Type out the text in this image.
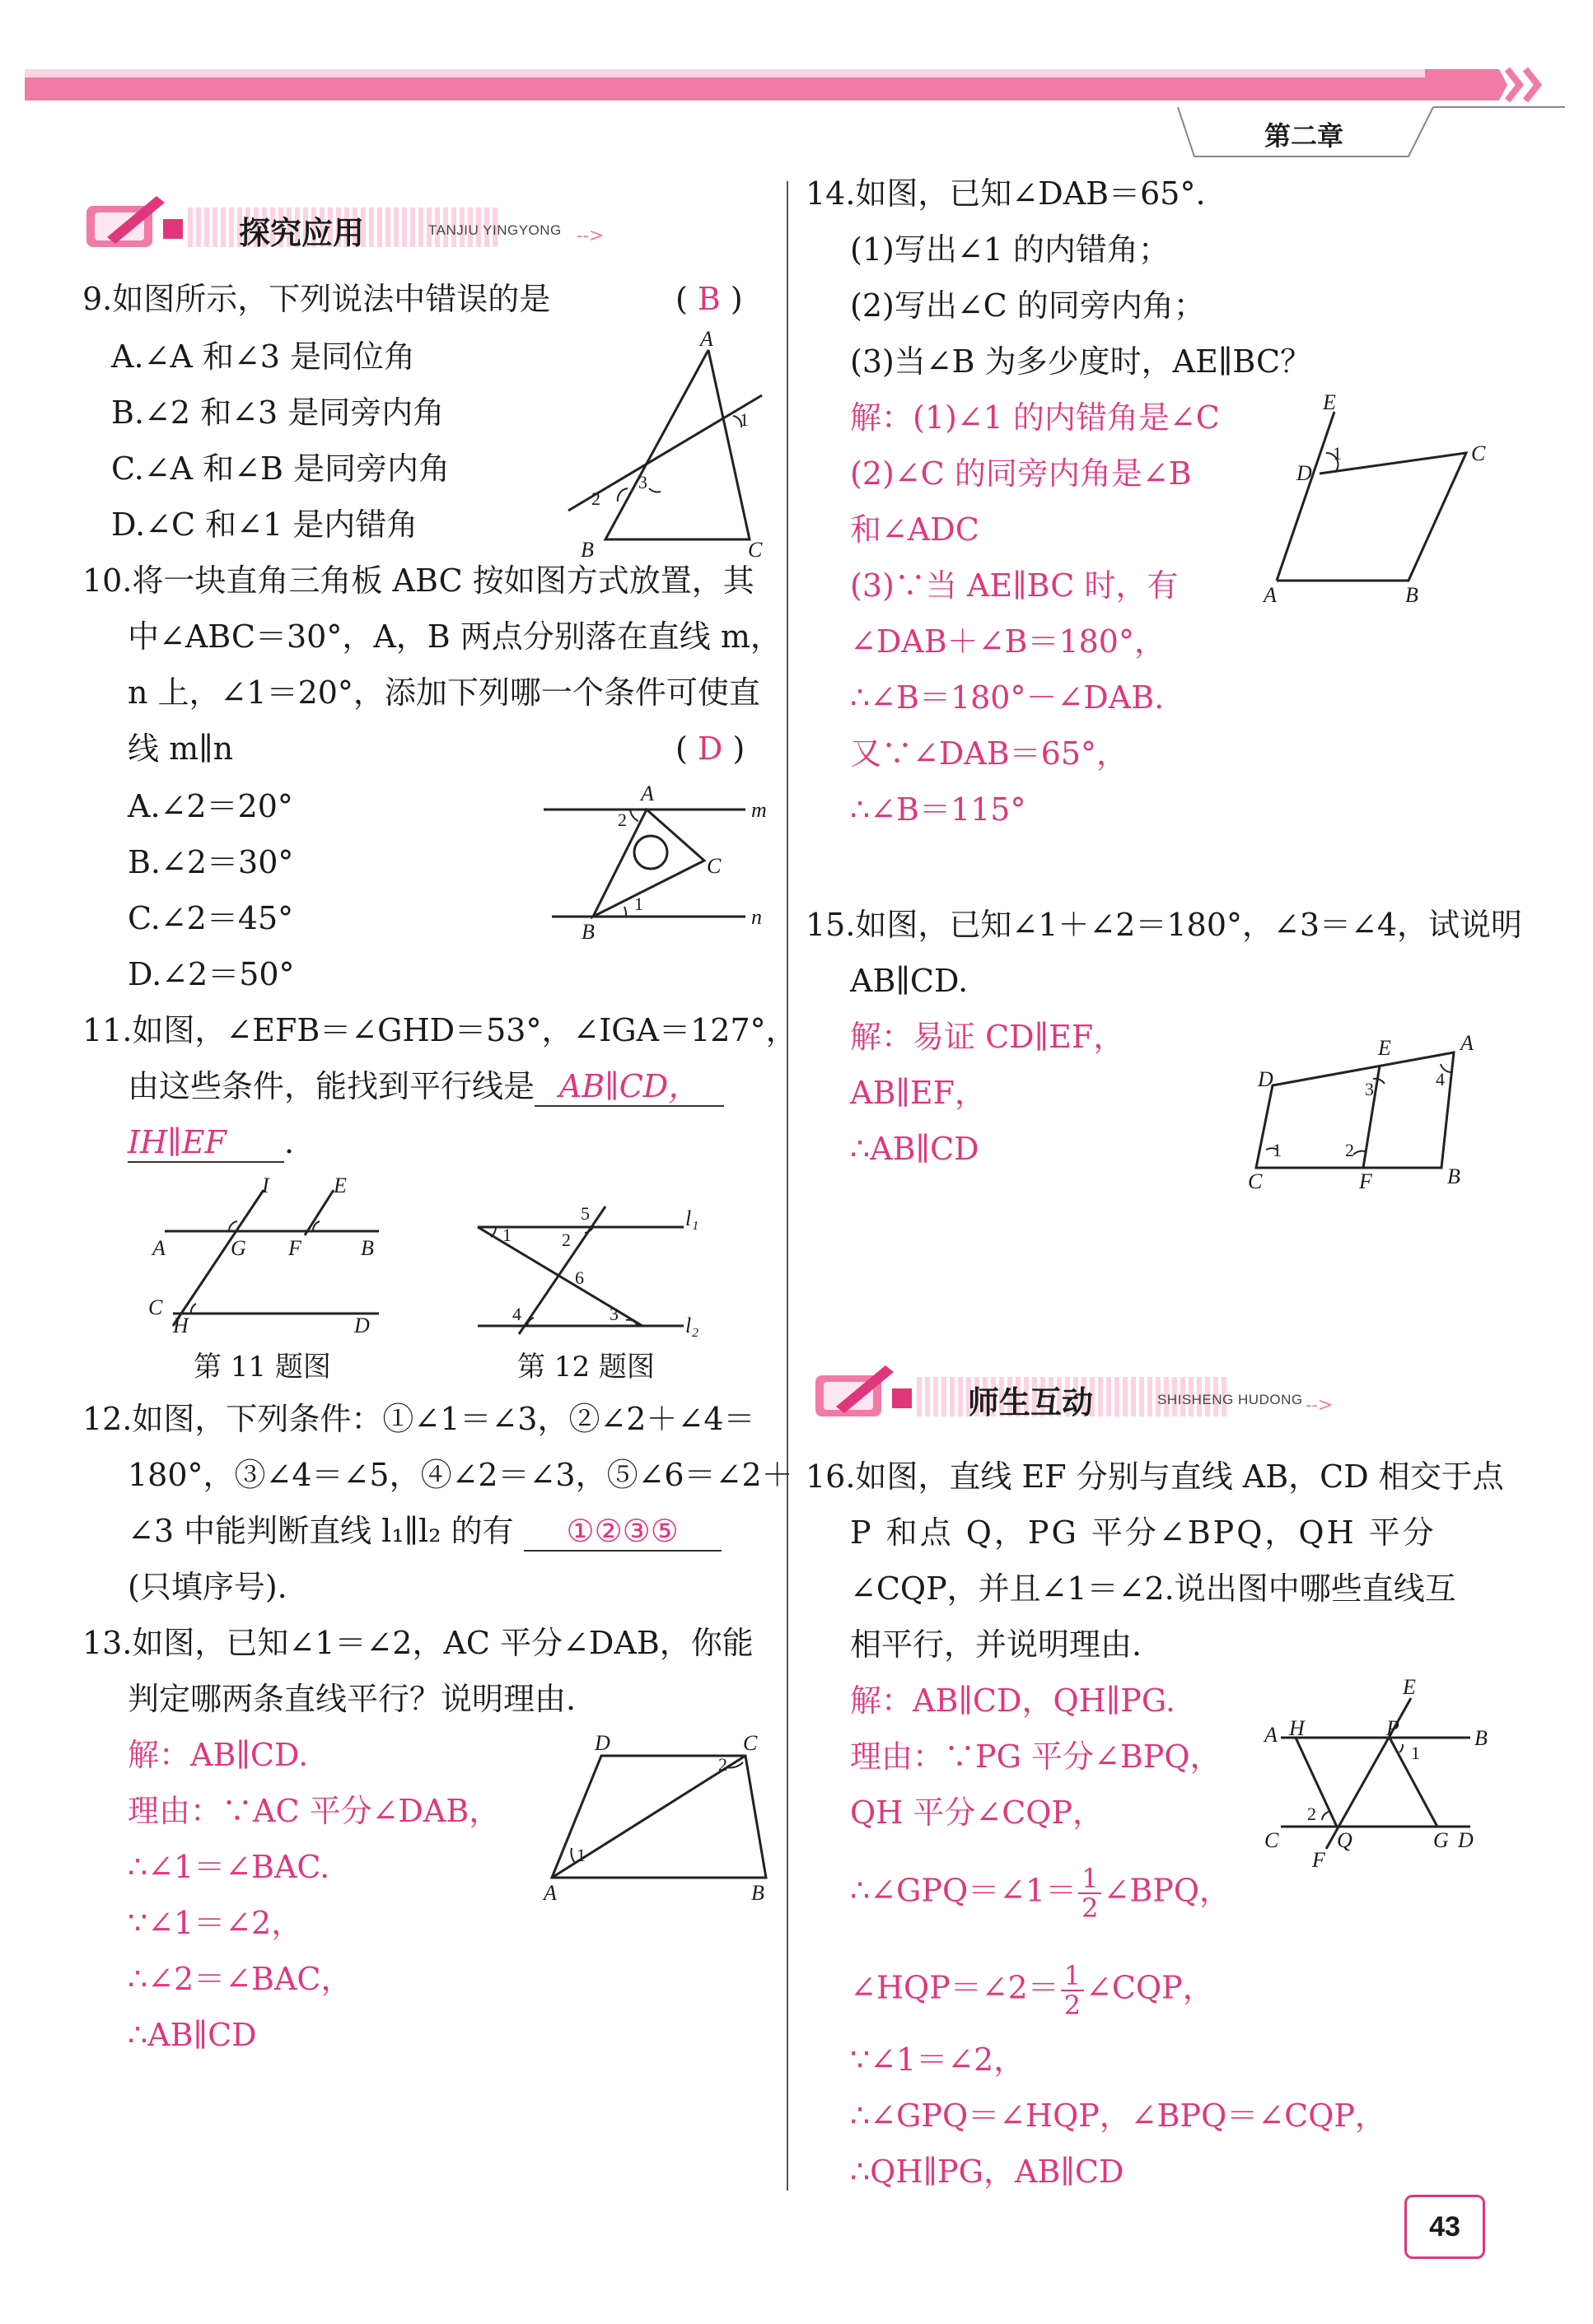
第二章
探究应用	TANJIU YINGYONG -->
9.如图所示，下列说法中错误的是	( B )
A.∠A 和∠3 是同位角
B.∠2 和∠3 是同旁内角
C.∠A 和∠B 是同旁内角
D.∠C 和∠1 是内错角
A
B	C
1
2
3
10.将一块直角三角板 ABC 按如图方式放置，其
中∠ABC＝30°，A，B 两点分别落在直线 m，
n 上，∠1＝20°，添加下列哪一个条件可使直
线 m∥n	( D )
A.∠2＝20°
B.∠2＝30°
C.∠2＝45°
D.∠2＝50°
A
B
C
m
n
1
2
11.如图，∠EFB＝∠GHD＝53°，∠IGA＝127°，
由这些条件，能找到平行线是 AB∥CD，
IH∥EF .
I	E
A	G F	B
C
H	D
第 11 题图
l₁
l₂
1	2
3
4
5
6
第 12 题图
12.如图，下列条件：①∠1＝∠3，②∠2＋∠4＝
180°，③∠4＝∠5，④∠2＝∠3，⑤∠6＝∠2＋
∠3 中能判断直线 l₁∥l₂ 的有 ①②③⑤
(只填序号).
13.如图，已知∠1＝∠2，AC 平分∠DAB，你能
判定哪两条直线平行？说明理由.
解：AB∥CD.
理由：∵AC 平分∠DAB，
∴∠1＝∠BAC.
∵∠1＝∠2，
∴∠2＝∠BAC，
∴AB∥CD
D	C
A	B
1
2
14.如图，已知∠DAB＝65°.
(1)写出∠1 的内错角；
(2)写出∠C 的同旁内角；
(3)当∠B 为多少度时，AE∥BC？
解：(1)∠1 的内错角是∠C
(2)∠C 的同旁内角是∠B
和∠ADC
(3)∵当 AE∥BC 时，有
∠DAB＋∠B＝180°，
∴∠B＝180°－∠DAB.
又∵∠DAB＝65°，
∴∠B＝115°
E
D
C
A	B
1
15.如图，已知∠1＋∠2＝180°，∠3＝∠4，试说明
AB∥CD.
解：易证 CD∥EF，
AB∥EF，
∴AB∥CD
E	A
D
C	F	B
1	2
3	4
师生互动	SHISHENG HUDONG -->
16.如图，直线 EF 分别与直线 AB，CD 相交于点
P 和点 Q，PG 平分∠BPQ，QH 平分
∠CQP，并且∠1＝∠2.说出图中哪些直线互
相平行，并说明理由.
解：AB∥CD，QH∥PG.
理由：∵PG 平分∠BPQ，
QH 平分∠CQP，
∴∠GPQ＝∠1＝ $\frac{1}{2}$ ∠BPQ，
∠HQP＝∠2＝ $\frac{1}{2}$ ∠CQP，
∵∠1＝∠2，
∴∠GPQ＝∠HQP，∠BPQ＝∠CQP，
∴QH∥PG，AB∥CD
E
A H	P	B
C	Q	G D
F
1
2
43
